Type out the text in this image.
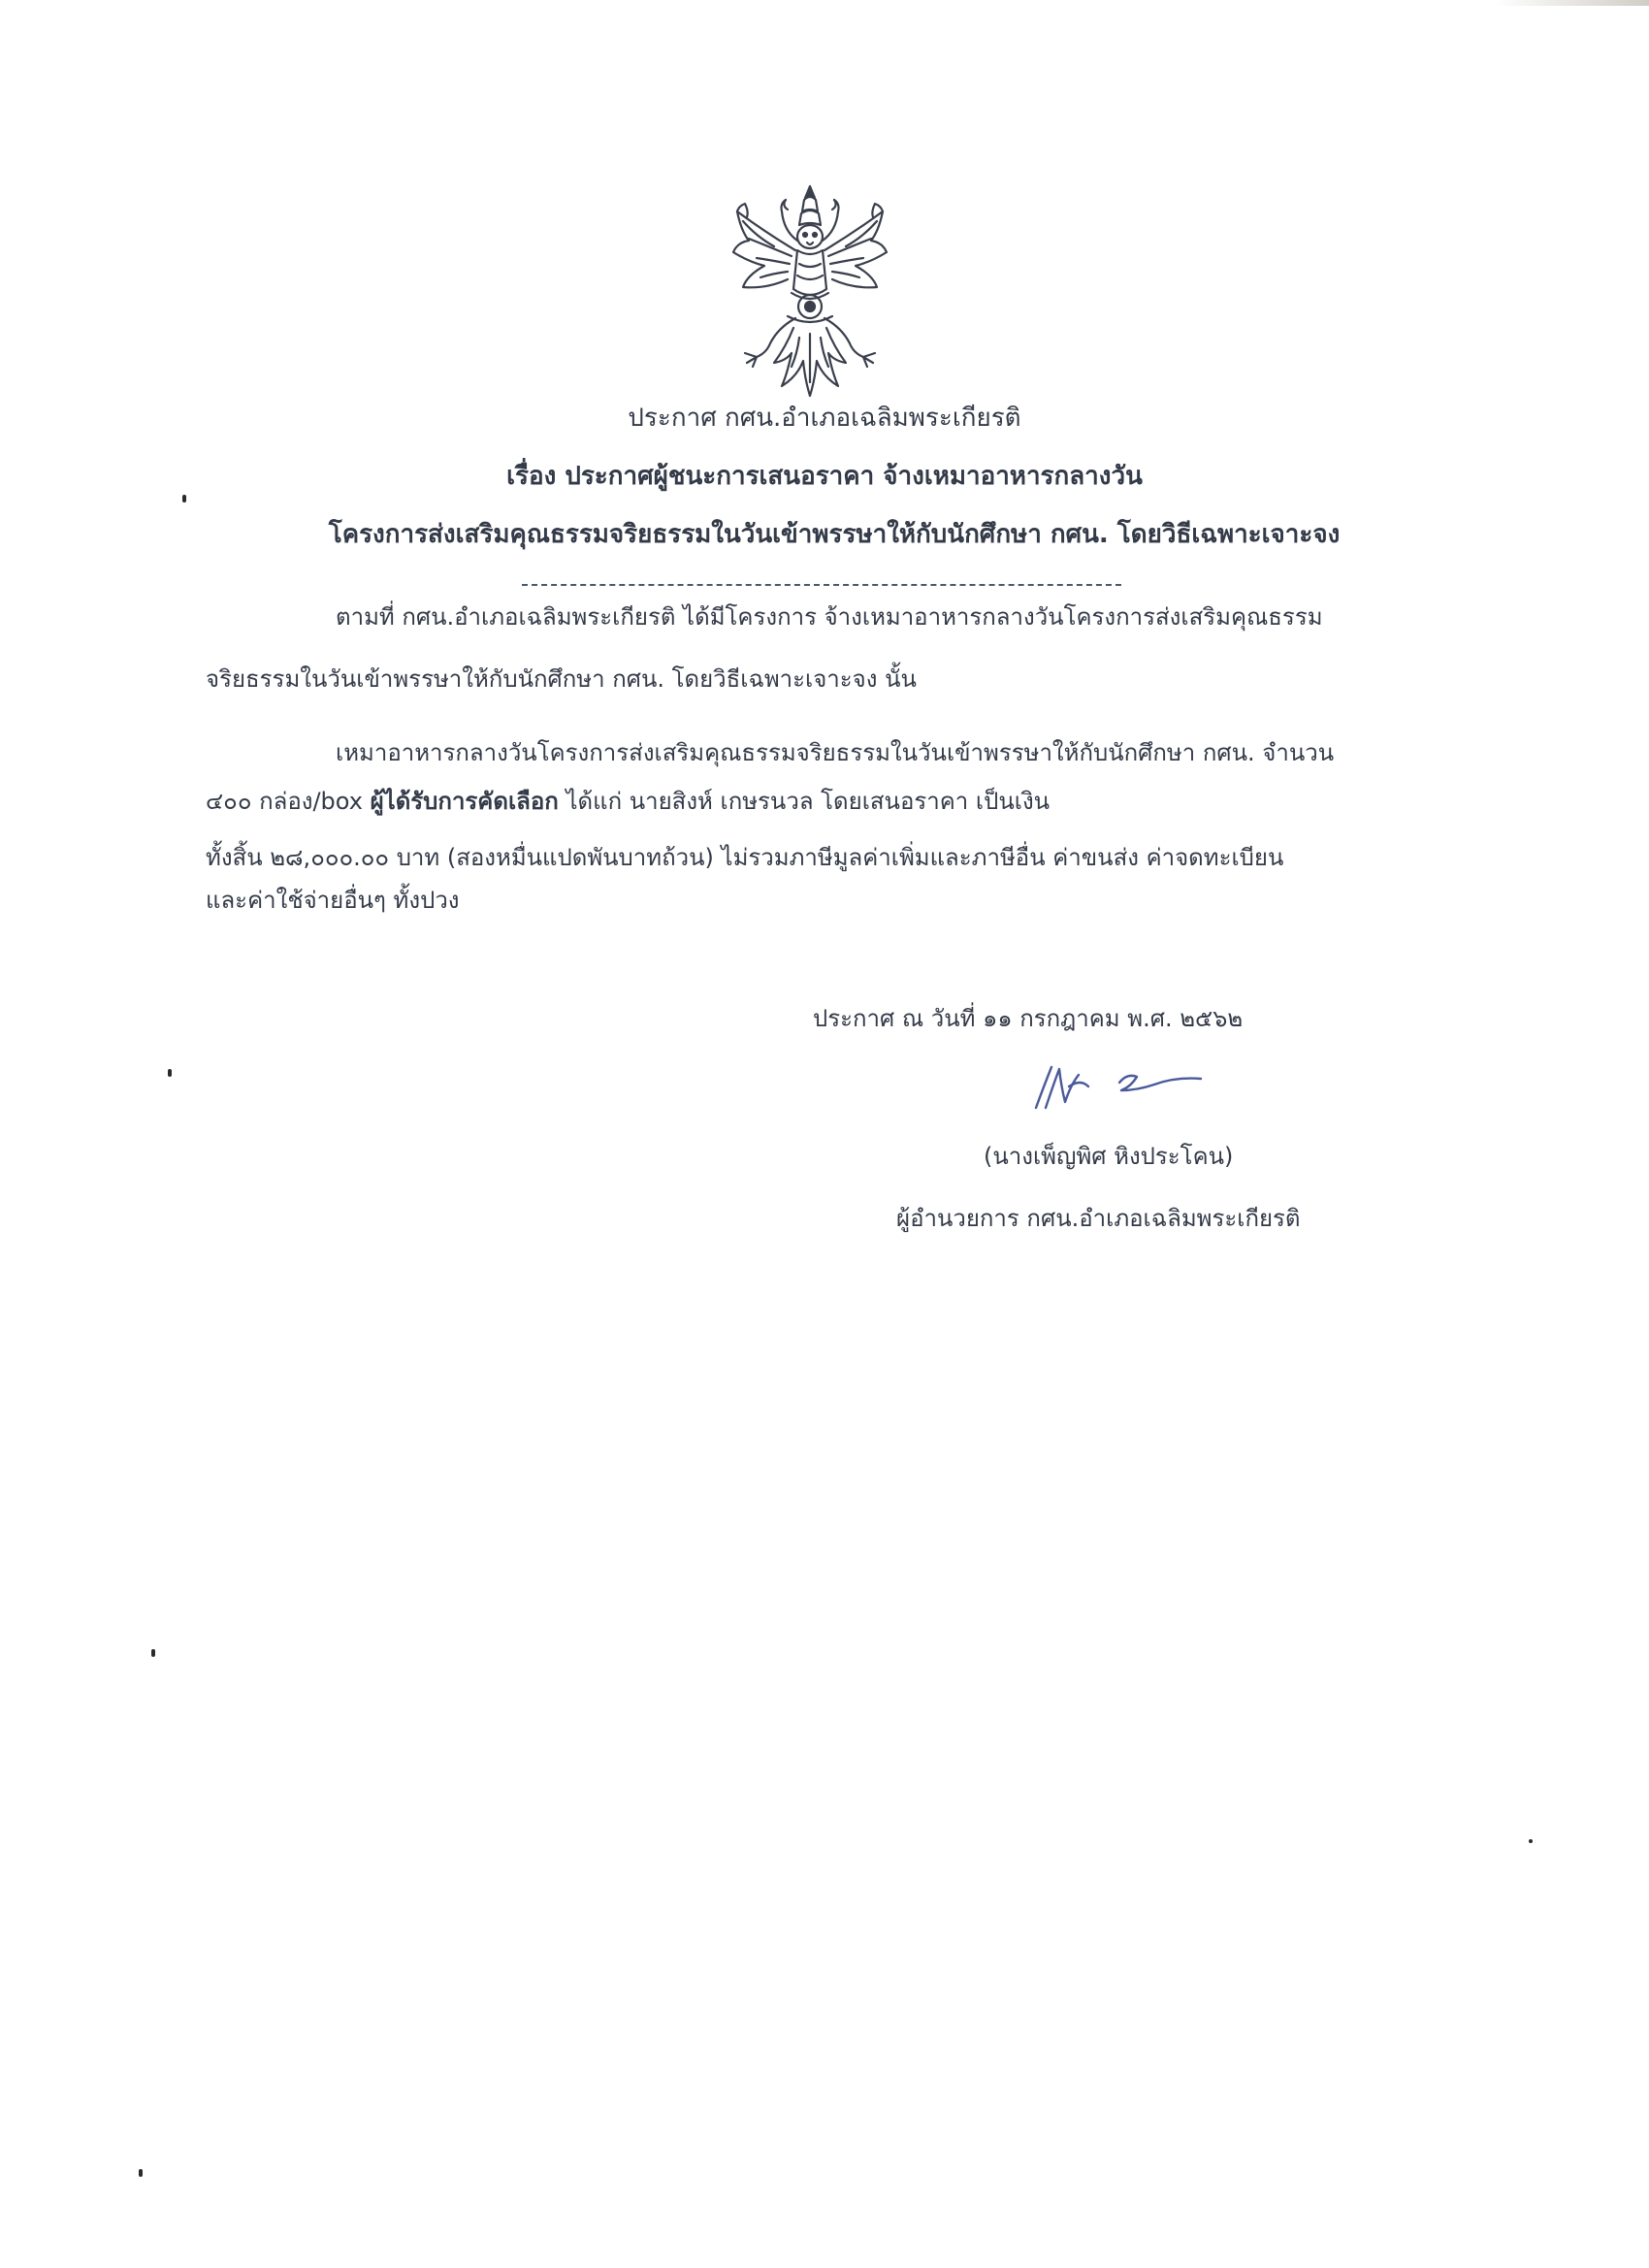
ประกาศ กศน.อำเภอเฉลิมพระเกียรติ
เรื่อง ประกาศผู้ชนะการเสนอราคา จ้างเหมาอาหารกลางวัน
โครงการส่งเสริมคุณธรรมจริยธรรมในวันเข้าพรรษาให้กับนักศึกษา กศน. โดยวิธีเฉพาะเจาะจง
ตามที่ กศน.อำเภอเฉลิมพระเกียรติ ได้มีโครงการ จ้างเหมาอาหารกลางวันโครงการส่งเสริมคุณธรรม
จริยธรรมในวันเข้าพรรษาให้กับนักศึกษา กศน. โดยวิธีเฉพาะเจาะจง นั้น
เหมาอาหารกลางวันโครงการส่งเสริมคุณธรรมจริยธรรมในวันเข้าพรรษาให้กับนักศึกษา กศน. จำนวน
๔๐๐ กล่อง/box ผู้ได้รับการคัดเลือก ได้แก่ นายสิงห์ เกษรนวล โดยเสนอราคา เป็นเงิน
ทั้งสิ้น ๒๘,๐๐๐.๐๐ บาท (สองหมื่นแปดพันบาทถ้วน) ไม่รวมภาษีมูลค่าเพิ่มและภาษีอื่น ค่าขนส่ง ค่าจดทะเบียน
และค่าใช้จ่ายอื่นๆ ทั้งปวง
ประกาศ ณ วันที่ ๑๑ กรกฎาคม พ.ศ. ๒๕๖๒
(นางเพ็ญพิศ หิงประโคน)
ผู้อำนวยการ กศน.อำเภอเฉลิมพระเกียรติ
